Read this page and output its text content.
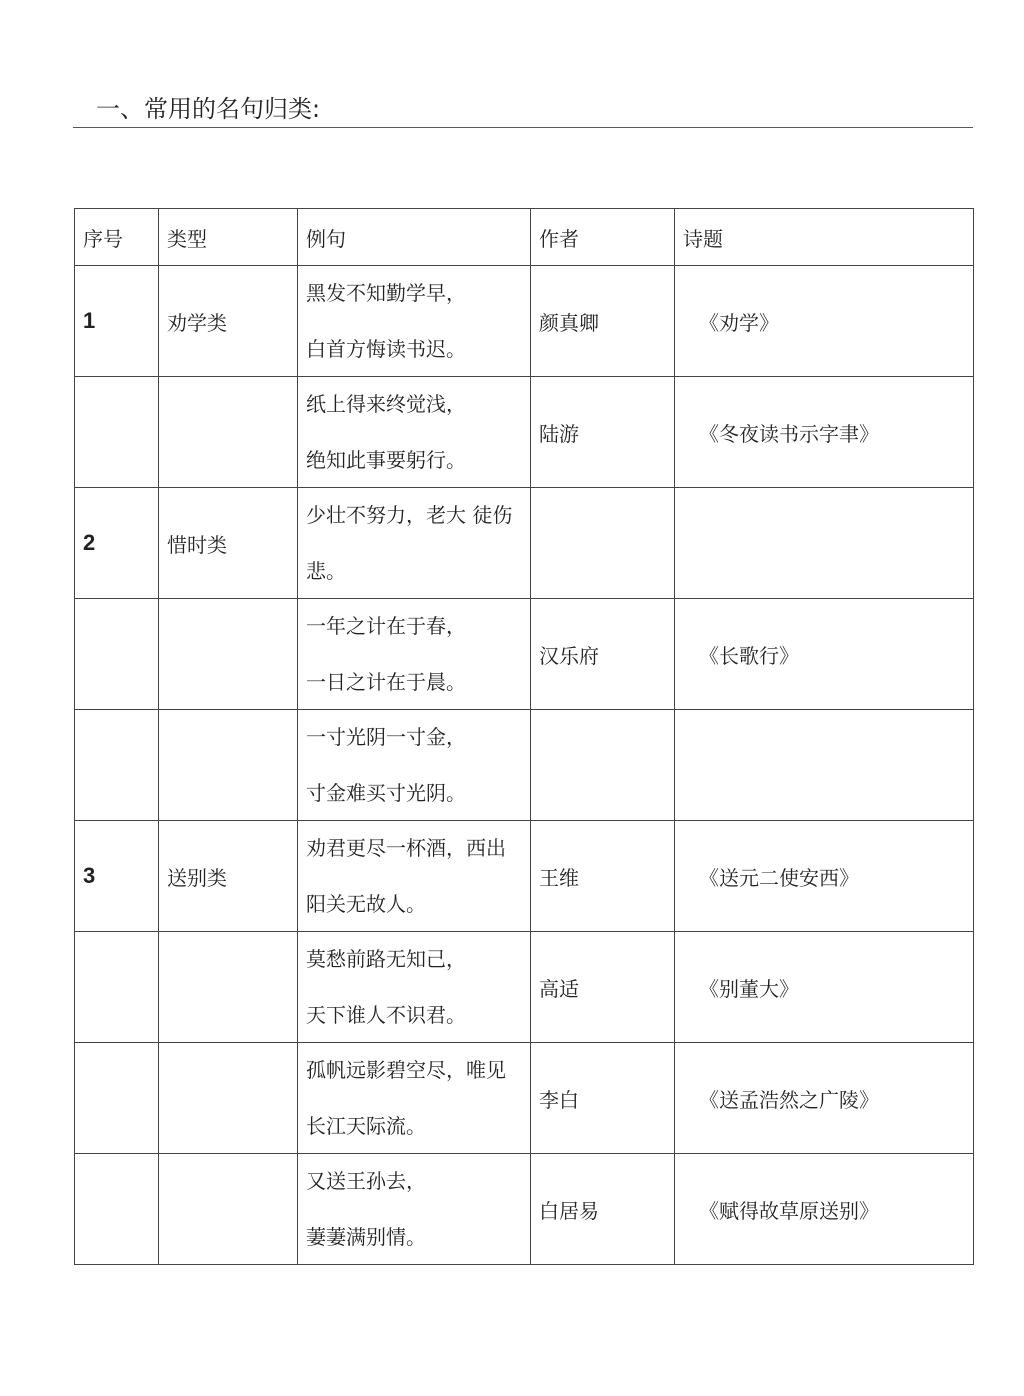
一、常用的名句归类:
序号	类型	例句	作者	诗题
1	劝学类	黑发不知勤学早，
白首方悔读书迟。	颜真卿	《劝学》

		纸上得来终觉浅，
绝知此事要躬行。	陆游	《冬夜读书示字聿》
2	惜时类	少壮不努力，老大 徒伤
悲。		

		一年之计在于春，
一日之计在于晨。	汉乐府	《长歌行》

		一寸光阴一寸金，
寸金难买寸光阴。		

3	送别类	劝君更尽一杯酒，西出
阳关无故人。	王维	《送元二使安西》

		莫愁前路无知己，
天下谁人不识君。	高适	《别董大》

		孤帆远影碧空尽，唯见
长江天际流。	李白	《送孟浩然之广陵》

		又送王孙去，
萋萋满别情。	白居易	《赋得故草原送别》
